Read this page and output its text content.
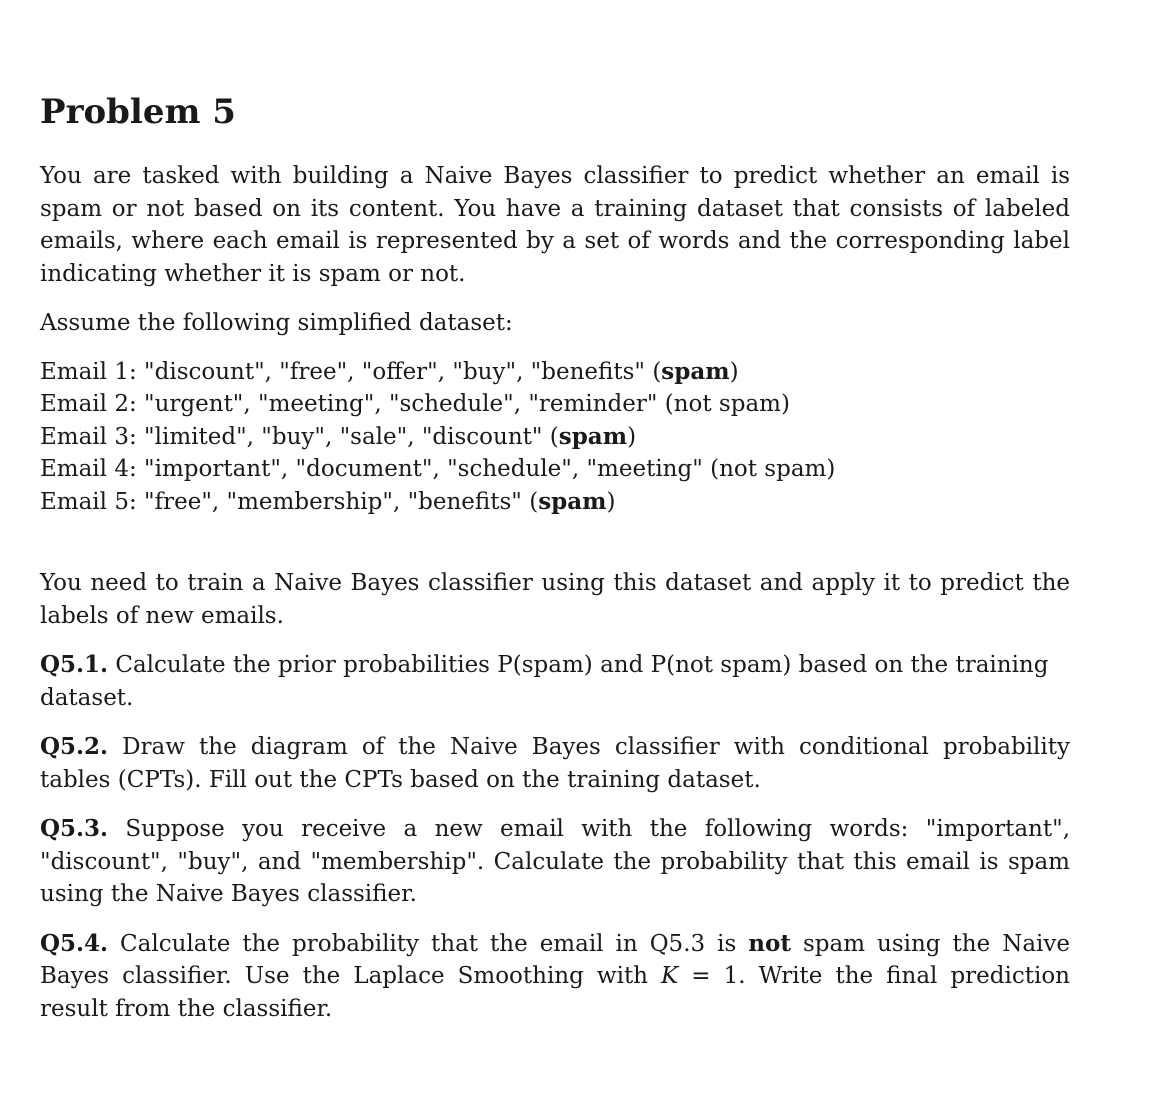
Problem 5

You are tasked with building a Naive Bayes classifier to predict whether an email is spam or not based on its content. You have a training dataset that consists of labeled emails, where each email is represented by a set of words and the corresponding label indicating whether it is spam or not.

Assume the following simplified dataset:

Email 1: "discount", "free", "offer", "buy", "benefits" (spam)
Email 2: "urgent", "meeting", "schedule", "reminder" (not spam)
Email 3: "limited", "buy", "sale", "discount" (spam)
Email 4: "important", "document", "schedule", "meeting" (not spam)
Email 5: "free", "membership", "benefits" (spam)

You need to train a Naive Bayes classifier using this dataset and apply it to predict the labels of new emails.

Q5.1. Calculate the prior probabilities P(spam) and P(not spam) based on the training dataset.

Q5.2. Draw the diagram of the Naive Bayes classifier with conditional probability tables (CPTs). Fill out the CPTs based on the training dataset.

Q5.3. Suppose you receive a new email with the following words: "important", "discount", "buy", and "membership". Calculate the probability that this email is spam using the Naive Bayes classifier.

Q5.4. Calculate the probability that the email in Q5.3 is not spam using the Naive Bayes classifier. Use the Laplace Smoothing with K = 1. Write the final prediction result from the classifier.
